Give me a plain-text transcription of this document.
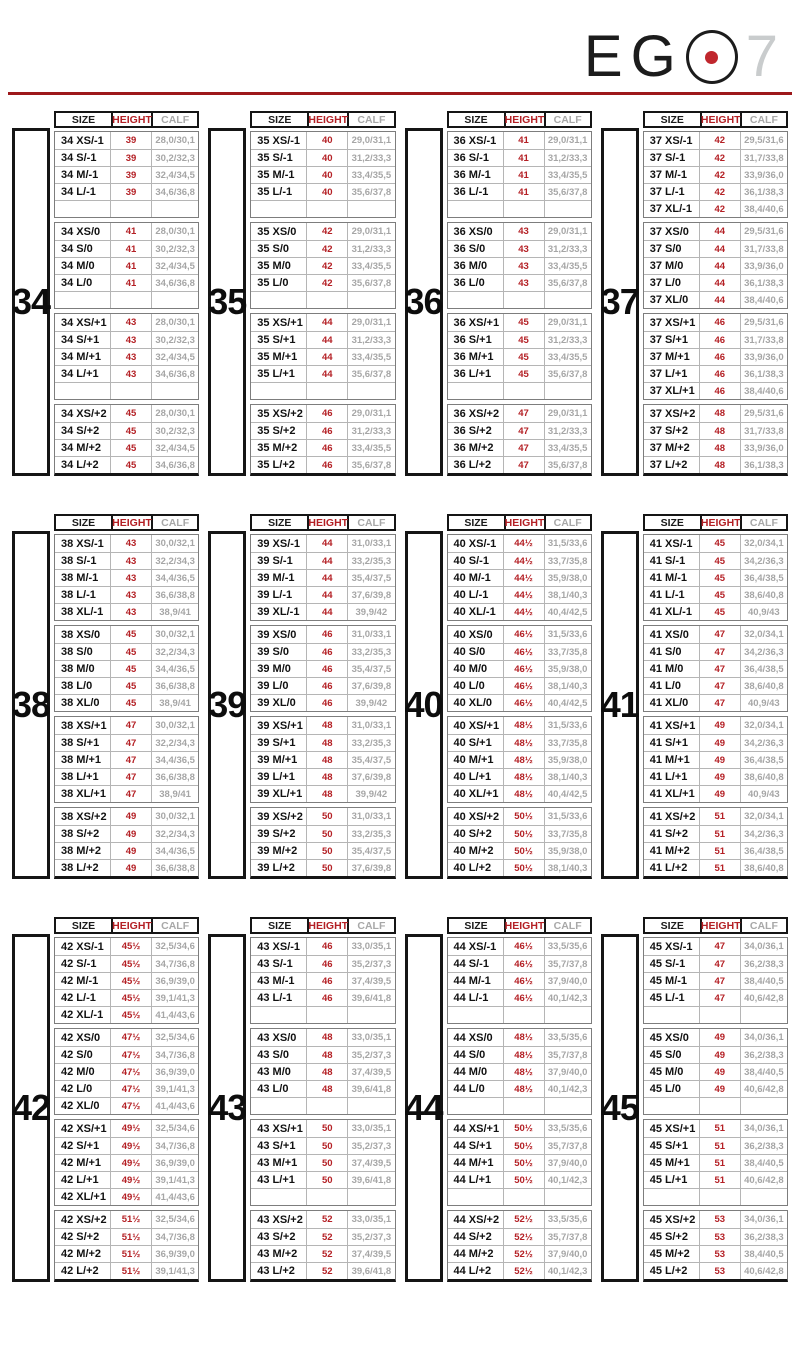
E G 7
34
SIZE	HEIGHT CALF
34 XS/-1	39	28,0/30,1
34 S/-1	39	30,2/32,3
34 M/-1	39	32,4/34,5
34 L/-1	39	34,6/36,8
34 XS/0	41	28,0/30,1
34 S/0	41	30,2/32,3
34 M/0	41	32,4/34,5
34 L/0	41	34,6/36,8
34 XS/+1	43	28,0/30,1
34 S/+1	43	30,2/32,3
34 M/+1	43	32,4/34,5
34 L/+1	43	34,6/36,8
34 XS/+2	45	28,0/30,1
34 S/+2	45	30,2/32,3
34 M/+2	45	32,4/34,5
34 L/+2	45	34,6/36,8
35
SIZE	HEIGHT CALF
35 XS/-1	40	29,0/31,1
35 S/-1	40	31,2/33,3
35 M/-1	40	33,4/35,5
35 L/-1	40	35,6/37,8
35 XS/0	42	29,0/31,1
35 S/0	42	31,2/33,3
35 M/0	42	33,4/35,5
35 L/0	42	35,6/37,8
35 XS/+1	44	29,0/31,1
35 S/+1	44	31,2/33,3
35 M/+1	44	33,4/35,5
35 L/+1	44	35,6/37,8
35 XS/+2	46	29,0/31,1
35 S/+2	46	31,2/33,3
35 M/+2	46	33,4/35,5
35 L/+2	46	35,6/37,8
36
SIZE	HEIGHT CALF
36 XS/-1	41	29,0/31,1
36 S/-1	41	31,2/33,3
36 M/-1	41	33,4/35,5
36 L/-1	41	35,6/37,8
36 XS/0	43	29,0/31,1
36 S/0	43	31,2/33,3
36 M/0	43	33,4/35,5
36 L/0	43	35,6/37,8
36 XS/+1	45	29,0/31,1
36 S/+1	45	31,2/33,3
36 M/+1	45	33,4/35,5
36 L/+1	45	35,6/37,8
36 XS/+2	47	29,0/31,1
36 S/+2	47	31,2/33,3
36 M/+2	47	33,4/35,5
36 L/+2	47	35,6/37,8
37
SIZE	HEIGHT CALF
37 XS/-1	42	29,5/31,6
37 S/-1	42	31,7/33,8
37 M/-1	42	33,9/36,0
37 L/-1	42	36,1/38,3
37 XL/-1	42	38,4/40,6
37 XS/0	44	29,5/31,6
37 S/0	44	31,7/33,8
37 M/0	44	33,9/36,0
37 L/0	44	36,1/38,3
37 XL/0	44	38,4/40,6
37 XS/+1	46	29,5/31,6
37 S/+1	46	31,7/33,8
37 M/+1	46	33,9/36,0
37 L/+1	46	36,1/38,3
37 XL/+1	46	38,4/40,6
37 XS/+2	48	29,5/31,6
37 S/+2	48	31,7/33,8
37 M/+2	48	33,9/36,0
37 L/+2	48	36,1/38,3
38
SIZE	HEIGHT CALF
38 XS/-1	43	30,0/32,1
38 S/-1	43	32,2/34,3
38 M/-1	43	34,4/36,5
38 L/-1	43	36,6/38,8
38 XL/-1	43	38,9/41
38 XS/0	45	30,0/32,1
38 S/0	45	32,2/34,3
38 M/0	45	34,4/36,5
38 L/0	45	36,6/38,8
38 XL/0	45	38,9/41
38 XS/+1	47	30,0/32,1
38 S/+1	47	32,2/34,3
38 M/+1	47	34,4/36,5
38 L/+1	47	36,6/38,8
38 XL/+1	47	38,9/41
38 XS/+2	49	30,0/32,1
38 S/+2	49	32,2/34,3
38 M/+2	49	34,4/36,5
38 L/+2	49	36,6/38,8
39
SIZE	HEIGHT CALF
39 XS/-1	44	31,0/33,1
39 S/-1	44	33,2/35,3
39 M/-1	44	35,4/37,5
39 L/-1	44	37,6/39,8
39 XL/-1	44	39,9/42
39 XS/0	46	31,0/33,1
39 S/0	46	33,2/35,3
39 M/0	46	35,4/37,5
39 L/0	46	37,6/39,8
39 XL/0	46	39,9/42
39 XS/+1	48	31,0/33,1
39 S/+1	48	33,2/35,3
39 M/+1	48	35,4/37,5
39 L/+1	48	37,6/39,8
39 XL/+1	48	39,9/42
39 XS/+2	50	31,0/33,1
39 S/+2	50	33,2/35,3
39 M/+2	50	35,4/37,5
39 L/+2	50	37,6/39,8
40
SIZE	HEIGHT CALF
40 XS/-1	44½	31,5/33,6
40 S/-1	44½	33,7/35,8
40 M/-1	44½	35,9/38,0
40 L/-1	44½	38,1/40,3
40 XL/-1	44½	40,4/42,5
40 XS/0	46½	31,5/33,6
40 S/0	46½	33,7/35,8
40 M/0	46½	35,9/38,0
40 L/0	46½	38,1/40,3
40 XL/0	46½	40,4/42,5
40 XS/+1	48½	31,5/33,6
40 S/+1	48½	33,7/35,8
40 M/+1	48½	35,9/38,0
40 L/+1	48½	38,1/40,3
40 XL/+1	48½	40,4/42,5
40 XS/+2	50½	31,5/33,6
40 S/+2	50½	33,7/35,8
40 M/+2	50½	35,9/38,0
40 L/+2	50½	38,1/40,3
41
SIZE	HEIGHT CALF
41 XS/-1	45	32,0/34,1
41 S/-1	45	34,2/36,3
41 M/-1	45	36,4/38,5
41 L/-1	45	38,6/40,8
41 XL/-1	45	40,9/43
41 XS/0	47	32,0/34,1
41 S/0	47	34,2/36,3
41 M/0	47	36,4/38,5
41 L/0	47	38,6/40,8
41 XL/0	47	40,9/43
41 XS/+1	49	32,0/34,1
41 S/+1	49	34,2/36,3
41 M/+1	49	36,4/38,5
41 L/+1	49	38,6/40,8
41 XL/+1	49	40,9/43
41 XS/+2	51	32,0/34,1
41 S/+2	51	34,2/36,3
41 M/+2	51	36,4/38,5
41 L/+2	51	38,6/40,8
42
SIZE	HEIGHT CALF
42 XS/-1	45½	32,5/34,6
42 S/-1	45½	34,7/36,8
42 M/-1	45½	36,9/39,0
42 L/-1	45½	39,1/41,3
42 XL/-1	45½	41,4/43,6
42 XS/0	47½	32,5/34,6
42 S/0	47½	34,7/36,8
42 M/0	47½	36,9/39,0
42 L/0	47½	39,1/41,3
42 XL/0	47½	41,4/43,6
42 XS/+1	49½	32,5/34,6
42 S/+1	49½	34,7/36,8
42 M/+1	49½	36,9/39,0
42 L/+1	49½	39,1/41,3
42 XL/+1	49½	41,4/43,6
42 XS/+2	51½	32,5/34,6
42 S/+2	51½	34,7/36,8
42 M/+2	51½	36,9/39,0
42 L/+2	51½	39,1/41,3
43
SIZE	HEIGHT CALF
43 XS/-1	46	33,0/35,1
43 S/-1	46	35,2/37,3
43 M/-1	46	37,4/39,5
43 L/-1	46	39,6/41,8
43 XS/0	48	33,0/35,1
43 S/0	48	35,2/37,3
43 M/0	48	37,4/39,5
43 L/0	48	39,6/41,8
43 XS/+1	50	33,0/35,1
43 S/+1	50	35,2/37,3
43 M/+1	50	37,4/39,5
43 L/+1	50	39,6/41,8
43 XS/+2	52	33,0/35,1
43 S/+2	52	35,2/37,3
43 M/+2	52	37,4/39,5
43 L/+2	52	39,6/41,8
44
SIZE	HEIGHT CALF
44 XS/-1	46½	33,5/35,6
44 S/-1	46½	35,7/37,8
44 M/-1	46½	37,9/40,0
44 L/-1	46½	40,1/42,3
44 XS/0	48½	33,5/35,6
44 S/0	48½	35,7/37,8
44 M/0	48½	37,9/40,0
44 L/0	48½	40,1/42,3
44 XS/+1	50½	33,5/35,6
44 S/+1	50½	35,7/37,8
44 M/+1	50½	37,9/40,0
44 L/+1	50½	40,1/42,3
44 XS/+2	52½	33,5/35,6
44 S/+2	52½	35,7/37,8
44 M/+2	52½	37,9/40,0
44 L/+2	52½	40,1/42,3
45
SIZE	HEIGHT CALF
45 XS/-1	47	34,0/36,1
45 S/-1	47	36,2/38,3
45 M/-1	47	38,4/40,5
45 L/-1	47	40,6/42,8
45 XS/0	49	34,0/36,1
45 S/0	49	36,2/38,3
45 M/0	49	38,4/40,5
45 L/0	49	40,6/42,8
45 XS/+1	51	34,0/36,1
45 S/+1	51	36,2/38,3
45 M/+1	51	38,4/40,5
45 L/+1	51	40,6/42,8
45 XS/+2	53	34,0/36,1
45 S/+2	53	36,2/38,3
45 M/+2	53	38,4/40,5
45 L/+2	53	40,6/42,8
